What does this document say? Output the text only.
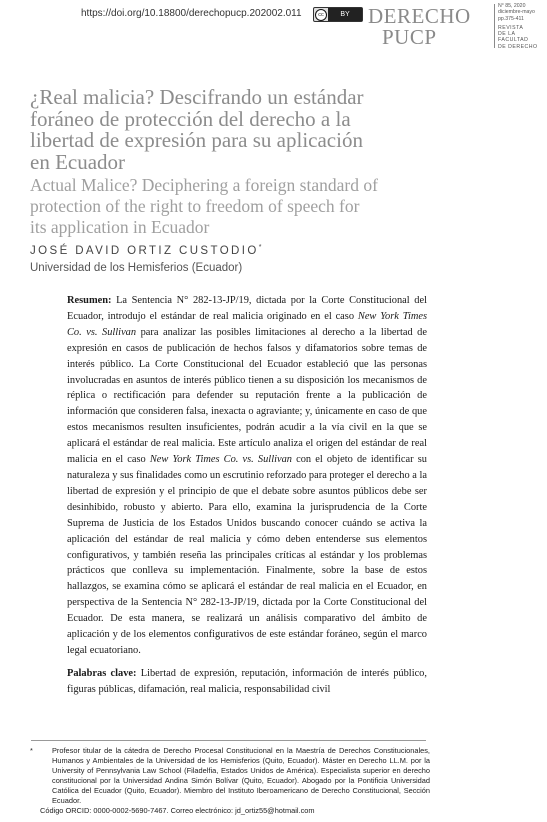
https://doi.org/10.18800/derechopucp.202002.011	cc	BY DERECHO
PUCP
N° 85, 2020
diciembre-mayo
pp.375-411
REVISTA
DE LA FACULTAD
DE DERECHO
¿Real malicia? Descifrando un estándar foráneo de protección del derecho a la libertad de expresión para su aplicación en Ecuador
Actual Malice? Deciphering a foreign standard of protection of the right to freedom of speech for its application in Ecuador
JOSÉ DAVID ORTIZ CUSTODIO*
Universidad de los Hemisferios (Ecuador)
Resumen: La Sentencia N° 282-13-JP/19, dictada por la Corte Constitucional del Ecuador, introdujo el estándar de real malicia originado en el caso New York Times Co. vs. Sullivan para analizar las posibles limitaciones al derecho a la libertad de expresión en casos de publicación de hechos falsos y difamatorios sobre temas de interés público. La Corte Constitucional del Ecuador estableció que las personas involucradas en asuntos de interés público tienen a su disposición los mecanismos de réplica o rectificación para defender su reputación frente a la publicación de información que consideren falsa, inexacta o agraviante; y, únicamente en caso de que estos mecanismos resulten insuficientes, podrán acudir a la vía civil en la que se aplicará el estándar de real malicia. Este artículo analiza el origen del estándar de real malicia en el caso New York Times Co. vs. Sullivan con el objeto de identificar su naturaleza y sus finalidades como un escrutinio reforzado para proteger el derecho a la libertad de expresión y el principio de que el debate sobre asuntos públicos debe ser desinhibido, robusto y abierto. Para ello, examina la jurisprudencia de la Corte Suprema de Justicia de los Estados Unidos buscando conocer cuándo se activa la aplicación del estándar de real malicia y cómo deben entenderse sus elementos configurativos, y también reseña las principales críticas al estándar y los problemas prácticos que conlleva su implementación. Finalmente, sobre la base de estos hallazgos, se examina cómo se aplicará el estándar de real malicia en el Ecuador, en perspectiva de la Sentencia N° 282-13-JP/19, dictada por la Corte Constitucional del Ecuador. De esta manera, se realizará un análisis comparativo del ámbito de aplicación y de los elementos configurativos de este estándar foráneo, según el marco legal ecuatoriano.
Palabras clave: Libertad de expresión, reputación, información de interés público, figuras públicas, difamación, real malicia, responsabilidad civil
*	Profesor titular de la cátedra de Derecho Procesal Constitucional en la Maestría de Derechos Constitucionales, Humanos y Ambientales de la Universidad de los Hemisferios (Quito, Ecuador). Máster en Derecho LL.M. por la University of Pennsylvania Law School (Filadelfia, Estados Unidos de América). Especialista superior en derecho constitucional por la Universidad Andina Simón Bolívar (Quito, Ecuador). Abogado por la Pontificia Universidad Católica del Ecuador (Quito, Ecuador). Miembro del Instituto Iberoamericano de Derecho Constitucional, Sección Ecuador.
Código ORCID: 0000-0002-5690-7467. Correo electrónico: jd_ortiz55@hotmail.com
